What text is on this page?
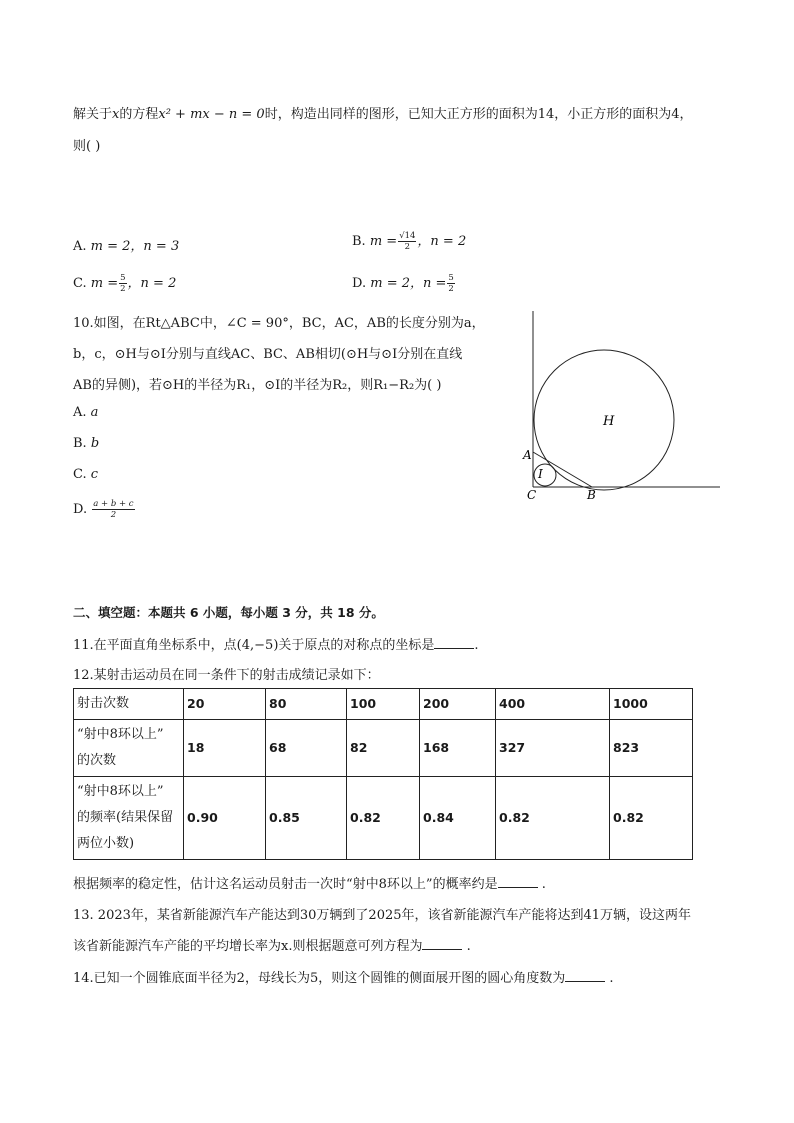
解关于x的方程x² + mx − n = 0时，构造出同样的图形，已知大正方形的面积为14，小正方形的面积为4，
则( )
A. m = 2，n = 3	B. $m = \frac{√14}{2}$ ，n = 2
C. $m = \frac{5}{2}$ ，n = 2	D. m = 2，$n = \frac{5}{2}$
10.如图，在Rt△ABC中，∠C = 90°，BC，AC，AB的长度分别为a，
b，c，⊙H与⊙I分别与直线AC、BC、AB相切(⊙H与⊙I分别在直线
AB的异侧)，若⊙H的半径为R₁，⊙I的半径为R₂，则R₁−R₂为( )
A. a
B. b
C. c
D. $\frac{a + b + c}{2}$
H
I
A
C	B
二、填空题：本题共 6 小题，每小题 3 分，共 18 分。
11.在平面直角坐标系中，点(4,−5)关于原点的对称点的坐标是	.
12.某射击运动员在同一条件下的射击成绩记录如下：
射击次数	20	80	100	200	400	1000

“射中8环以上”
的次数	18	68	82	168	327	823

“射中8环以上”
的频率(结果保留
两位小数)	0.90	0.85	0.82	0.84	0.82	0.82
根据频率的稳定性，估计这名运动员射击一次时“射中8环以上”的概率约是	.
13. 2023年，某省新能源汽车产能达到30万辆到了2025年，该省新能源汽车产能将达到41万辆，设这两年
该省新能源汽车产能的平均增长率为x.则根据题意可列方程为	.
14.已知一个圆锥底面半径为2，母线长为5，则这个圆锥的侧面展开图的圆心角度数为	.
